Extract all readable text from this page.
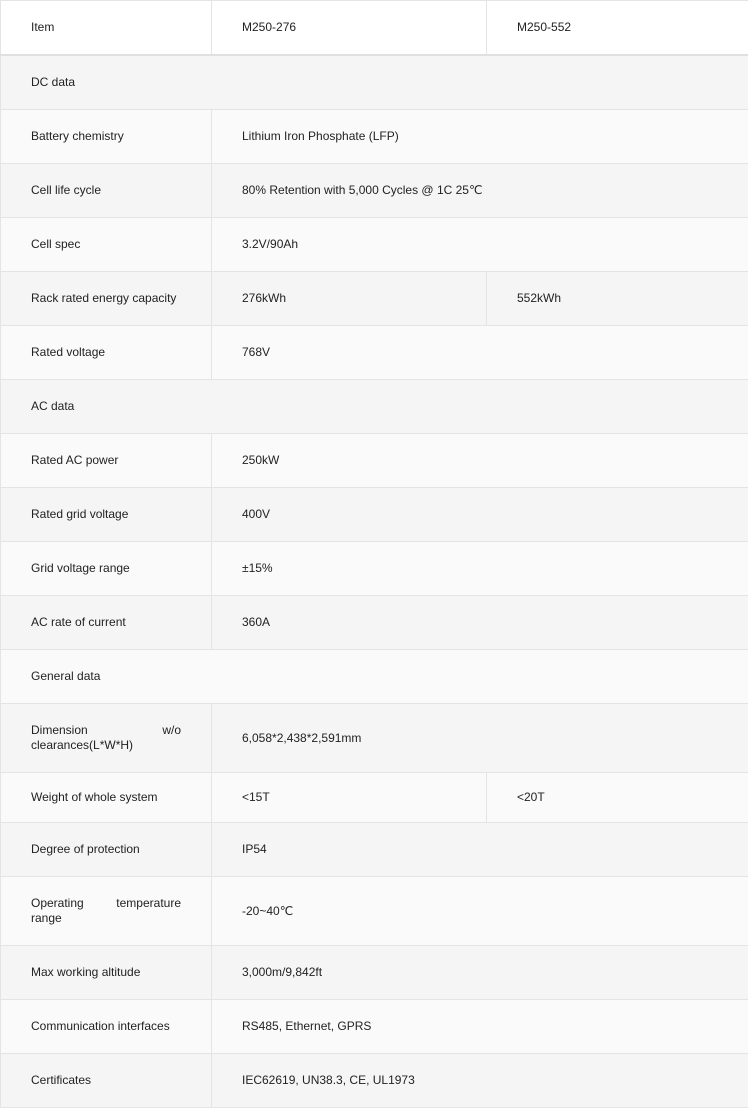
Item	M250-276	M250-552
DC data		
Battery chemistry	Lithium Iron Phosphate (LFP)	
Cell life cycle	80% Retention with 5,000 Cycles @ 1C 25℃	
Cell spec	3.2V/90Ah	
Rack rated energy capacity	276kWh	552kWh
Rated voltage	768V	
AC data		
Rated AC power	250kW	
Rated grid voltage	400V	
Grid voltage range	±15%	
AC rate of current	360A	
General data		
Dimension w/o clearances(L*W*H)	6,058*2,438*2,591mm	
Weight of whole system	<15T	<20T
Degree of protection	IP54	
Operating temperature range	-20~40℃	
Max working altitude	3,000m/9,842ft	
Communication interfaces	RS485, Ethernet, GPRS	
Certificates	IEC62619, UN38.3, CE, UL1973	
